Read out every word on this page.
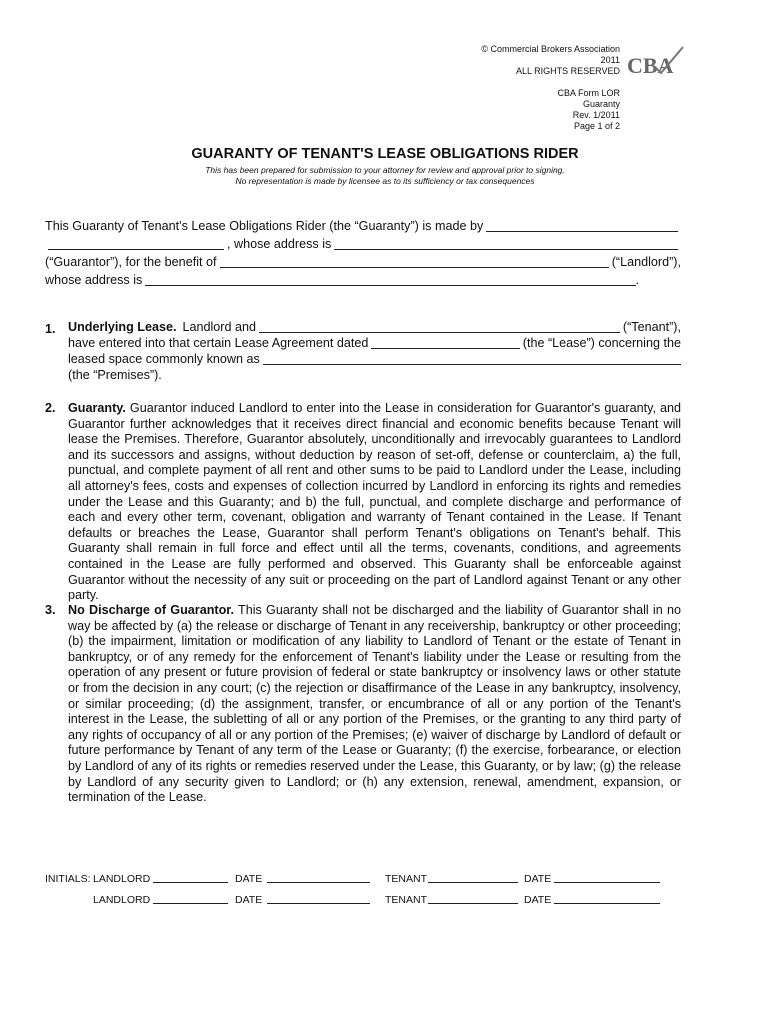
© Commercial Brokers Association
2011
ALL RIGHTS RESERVED CBA
CBA Form LOR
Guaranty
Rev. 1/2011
Page 1 of 2
GUARANTY OF TENANT'S LEASE OBLIGATIONS RIDER
This has been prepared for submission to your attorney for review and approval prior to signing.
No representation is made by licensee as to its sufficiency or tax consequences
This Guaranty of Tenant's Lease Obligations Rider (the “Guaranty”) is made by
, whose address is
(“Guarantor”), for the benefit of	(“Landlord”),
whose address is	.
1. Underlying Lease. Landlord and	(“Tenant”),
have entered into that certain Lease Agreement dated	(the “Lease”) concerning the
leased space commonly known as
(the “Premises”).
2. Guaranty. Guarantor induced Landlord to enter into the Lease in consideration for Guarantor's guaranty, and Guarantor further acknowledges that it receives direct financial and economic benefits because Tenant will lease the Premises. Therefore, Guarantor absolutely, unconditionally and irrevocably guarantees to Landlord and its successors and assigns, without deduction by reason of set-off, defense or counterclaim, a) the full, punctual, and complete payment of all rent and other sums to be paid to Landlord under the Lease, including all attorney's fees, costs and expenses of collection incurred by Landlord in enforcing its rights and remedies under the Lease and this Guaranty; and b) the full, punctual, and complete discharge and performance of each and every other term, covenant, obligation and warranty of Tenant contained in the Lease. If Tenant defaults or breaches the Lease, Guarantor shall perform Tenant's obligations on Tenant's behalf. This Guaranty shall remain in full force and effect until all the terms, covenants, conditions, and agreements contained in the Lease are fully performed and observed. This Guaranty shall be enforceable against Guarantor without the necessity of any suit or proceeding on the part of Landlord against Tenant or any other party.
3. No Discharge of Guarantor. This Guaranty shall not be discharged and the liability of Guarantor shall in no way be affected by (a) the release or discharge of Tenant in any receivership, bankruptcy or other proceeding; (b) the impairment, limitation or modification of any liability to Landlord of Tenant or the estate of Tenant in bankruptcy, or of any remedy for the enforcement of Tenant's liability under the Lease or resulting from the operation of any present or future provision of federal or state bankruptcy or insolvency laws or other statute or from the decision in any court; (c) the rejection or disaffirmance of the Lease in any bankruptcy, insolvency, or similar proceeding; (d) the assignment, transfer, or encumbrance of all or any portion of the Tenant's interest in the Lease, the subletting of all or any portion of the Premises, or the granting to any third party of any rights of occupancy of all or any portion of the Premises; (e) waiver of discharge by Landlord of default or future performance by Tenant of any term of the Lease or Guaranty; (f) the exercise, forbearance, or election by Landlord of any of its rights or remedies reserved under the Lease, this Guaranty, or by law; (g) the release by Landlord of any security given to Landlord; or (h) any extension, renewal, amendment, expansion, or termination of the Lease.
INITIALS: LANDLORD	DATE	TENANT	DATE
LANDLORD	DATE	TENANT	DATE
